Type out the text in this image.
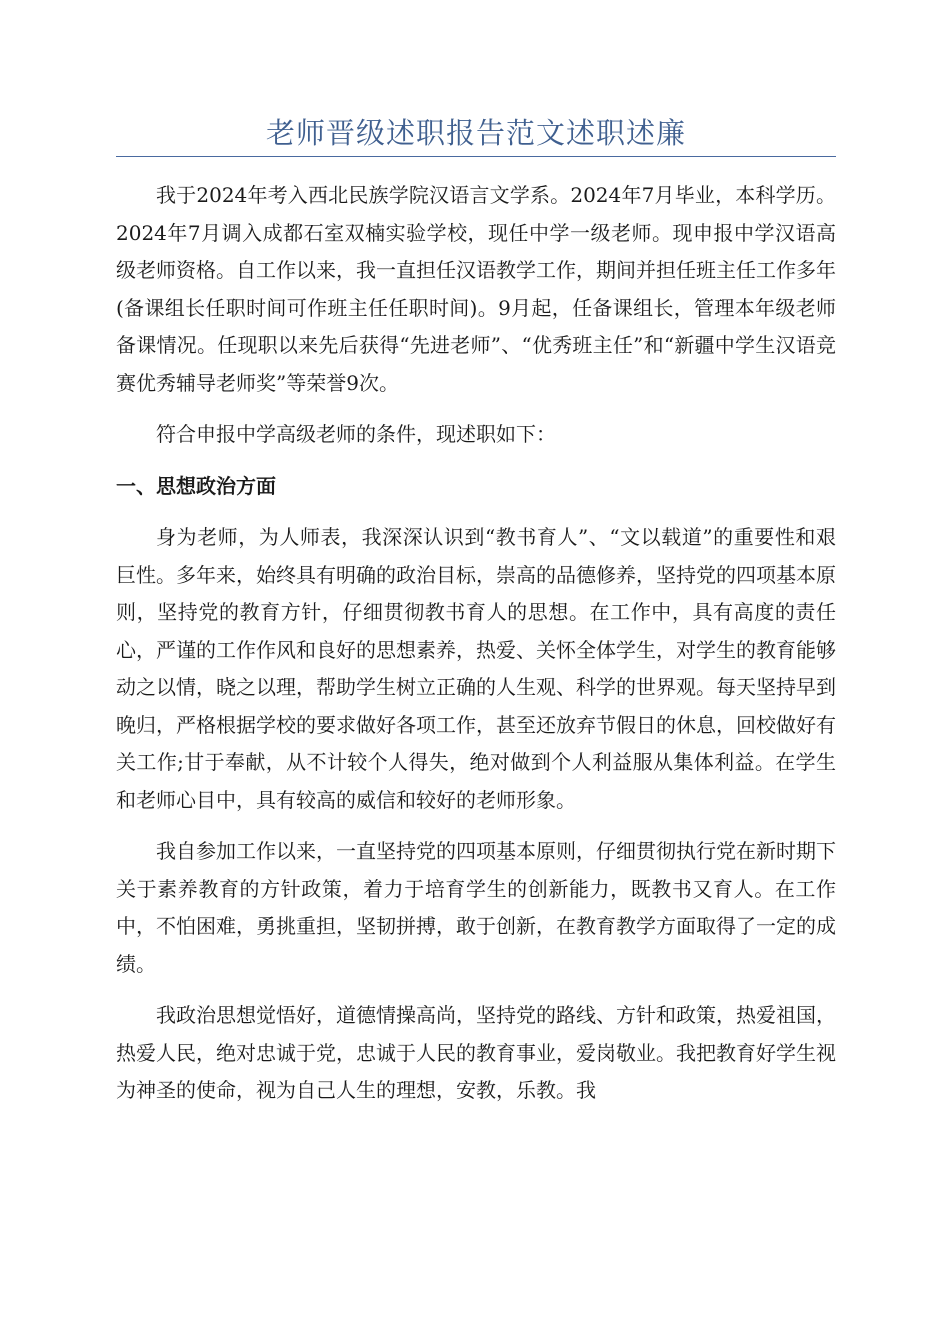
老师晋级述职报告范文述职述廉

我于2024年考入西北民族学院汉语言文学系。2024年7月毕业，本科学历。2024年7月调入成都石室双楠实验学校，现任中学一级老师。现申报中学汉语高级老师资格。自工作以来，我一直担任汉语教学工作，期间并担任班主任工作多年(备课组长任职时间可作班主任任职时间)。9月起，任备课组长，管理本年级老师备课情况。任现职以来先后获得“先进老师”、“优秀班主任”和“新疆中学生汉语竞赛优秀辅导老师奖”等荣誉9次。

符合申报中学高级老师的条件，现述职如下：

一、思想政治方面

身为老师，为人师表，我深深认识到“教书育人”、“文以载道”的重要性和艰巨性。多年来，始终具有明确的政治目标，崇高的品德修养，坚持党的四项基本原则，坚持党的教育方针，仔细贯彻教书育人的思想。在工作中，具有高度的责任心，严谨的工作作风和良好的思想素养，热爱、关怀全体学生，对学生的教育能够动之以情，晓之以理，帮助学生树立正确的人生观、科学的世界观。每天坚持早到晚归，严格根据学校的要求做好各项工作，甚至还放弃节假日的休息，回校做好有关工作;甘于奉献，从不计较个人得失，绝对做到个人利益服从集体利益。在学生和老师心目中，具有较高的威信和较好的老师形象。

我自参加工作以来，一直坚持党的四项基本原则，仔细贯彻执行党在新时期下关于素养教育的方针政策，着力于培育学生的创新能力，既教书又育人。在工作中，不怕困难，勇挑重担，坚韧拼搏，敢于创新，在教育教学方面取得了一定的成绩。

我政治思想觉悟好，道德情操高尚，坚持党的路线、方针和政策，热爱祖国，热爱人民，绝对忠诚于党，忠诚于人民的教育事业，爱岗敬业。我把教育好学生视为神圣的使命，视为自己人生的理想，安教，乐教。我
